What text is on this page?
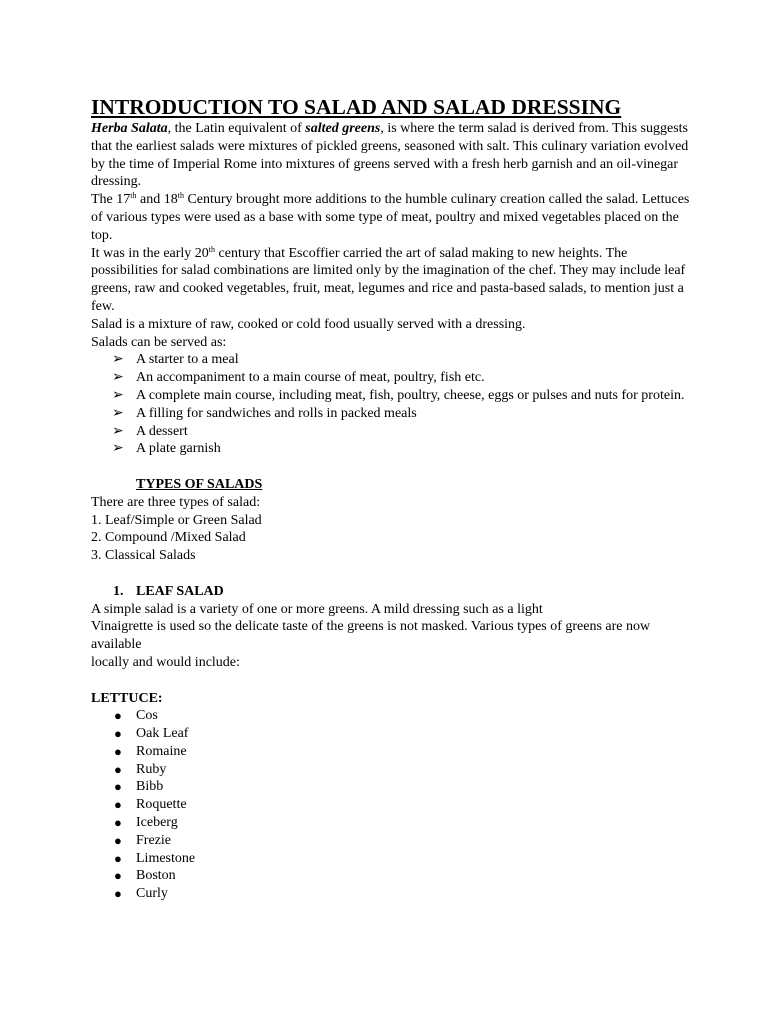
INTRODUCTION TO SALAD AND SALAD DRESSING

Herba Salata, the Latin equivalent of salted greens, is where the term salad is derived from. This suggests that the earliest salads were mixtures of pickled greens, seasoned with salt. This culinary variation evolved by the time of Imperial Rome into mixtures of greens served with a fresh herb garnish and an oil-vinegar dressing.

The 17th and 18th Century brought more additions to the humble culinary creation called the salad. Lettuces of various types were used as a base with some type of meat, poultry and mixed vegetables placed on the top.

It was in the early 20th century that Escoffier carried the art of salad making to new heights. The possibilities for salad combinations are limited only by the imagination of the chef. They may include leaf greens, raw and cooked vegetables, fruit, meat, legumes and rice and pasta-based salads, to mention just a few.

Salad is a mixture of raw, cooked or cold food usually served with a dressing.

Salads can be served as:

➢ A starter to a meal
➢ An accompaniment to a main course of meat, poultry, fish etc.
➢ A complete main course, including meat, fish, poultry, cheese, eggs or pulses and nuts for protein.
➢ A filling for sandwiches and rolls in packed meals
➢ A dessert
➢ A plate garnish

TYPES OF SALADS

There are three types of salad:

1. Leaf/Simple or Green Salad

2. Compound /Mixed Salad

3. Classical Salads

1. LEAF SALAD

A simple salad is a variety of one or more greens. A mild dressing such as a light

Vinaigrette is used so the delicate taste of the greens is not masked. Various types of greens are now available

locally and would include:

LETTUCE:

● Cos
● Oak Leaf
● Romaine
● Ruby
● Bibb
● Roquette
● Iceberg
● Frezie
● Limestone
● Boston
● Curly
